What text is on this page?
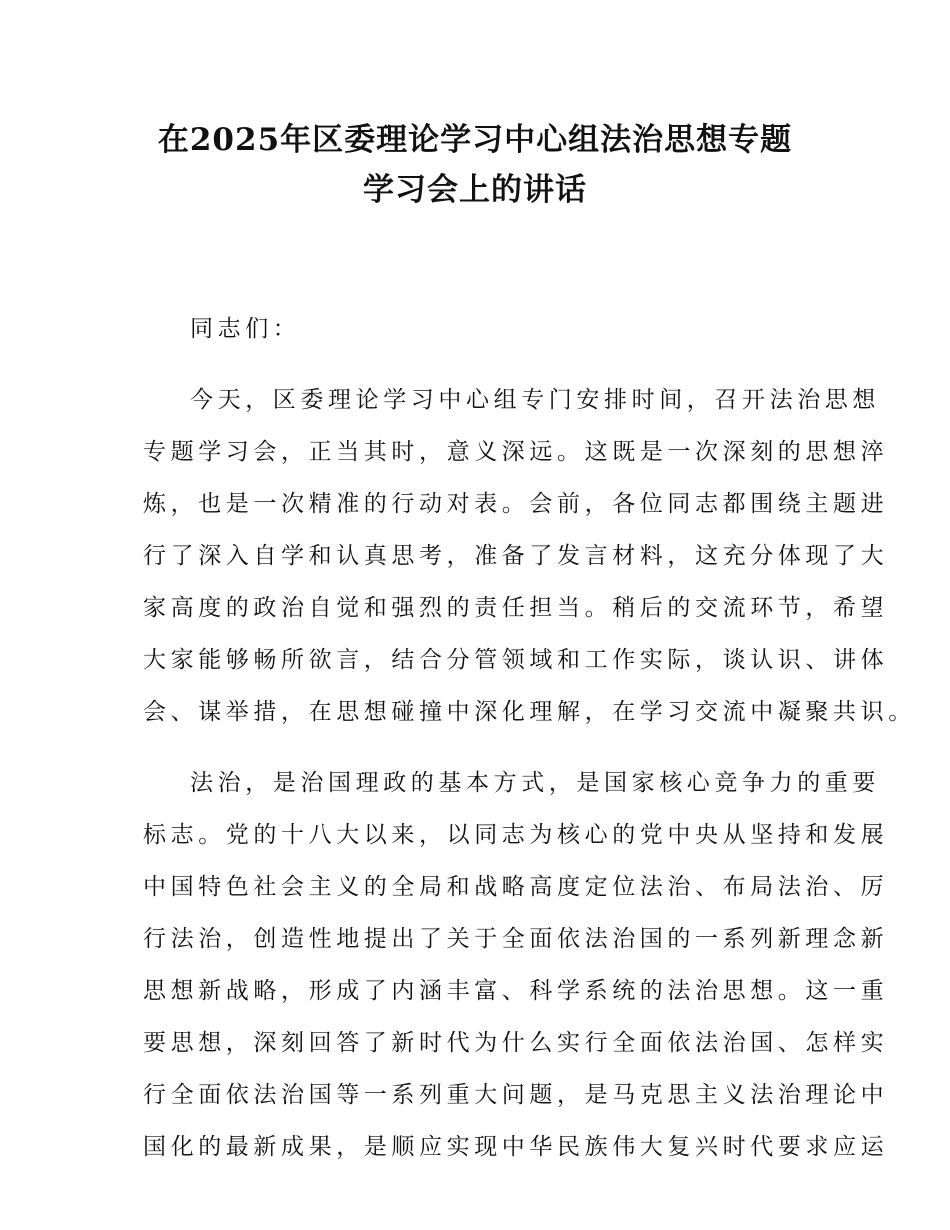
在2025年区委理论学习中心组法治思想专题
学习会上的讲话

同志们：

今天，区委理论学习中心组专门安排时间，召开法治思想
专题学习会，正当其时，意义深远。这既是一次深刻的思想淬
炼，也是一次精准的行动对表。会前，各位同志都围绕主题进
行了深入自学和认真思考，准备了发言材料，这充分体现了大
家高度的政治自觉和强烈的责任担当。稍后的交流环节，希望
大家能够畅所欲言，结合分管领域和工作实际，谈认识、讲体
会、谋举措，在思想碰撞中深化理解，在学习交流中凝聚共识。

法治，是治国理政的基本方式，是国家核心竞争力的重要
标志。党的十八大以来，以同志为核心的党中央从坚持和发展
中国特色社会主义的全局和战略高度定位法治、布局法治、厉
行法治，创造性地提出了关于全面依法治国的一系列新理念新
思想新战略，形成了内涵丰富、科学系统的法治思想。这一重
要思想，深刻回答了新时代为什么实行全面依法治国、怎样实
行全面依法治国等一系列重大问题，是马克思主义法治理论中
国化的最新成果，是顺应实现中华民族伟大复兴时代要求应运
